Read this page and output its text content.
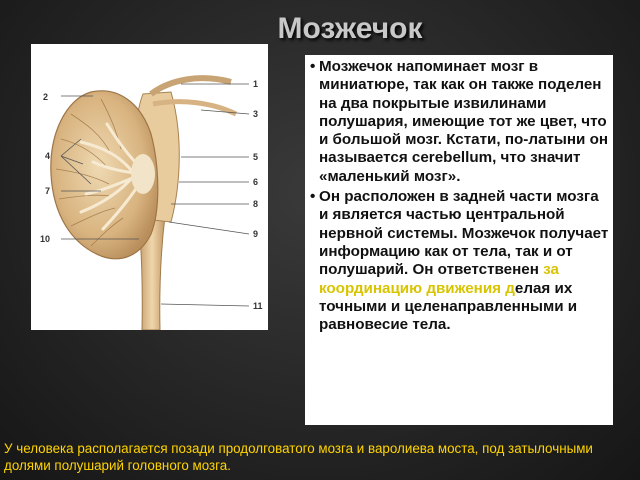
Мозжечок
1
2
3
4	5
6
7
8
9
10
11
• Мозжечок напоминает мозг в миниатюре, так как он также поделен на два покрытые извилинами полушария, имеющие тот же цвет, что и большой мозг. Кстати, по-латыни он называется cerebellum, что значит «маленький мозг».
• Он расположен в задней части мозга и является частью центральной нервной системы. Мозжечок получает информацию как от тела, так и от полушарий. Он ответственен за координацию движения делая их точными и целенаправленными и равновесие тела.
У человека располагается позади продолговатого мозга и варолиева моста, под затылочными долями полушарий головного мозга.
